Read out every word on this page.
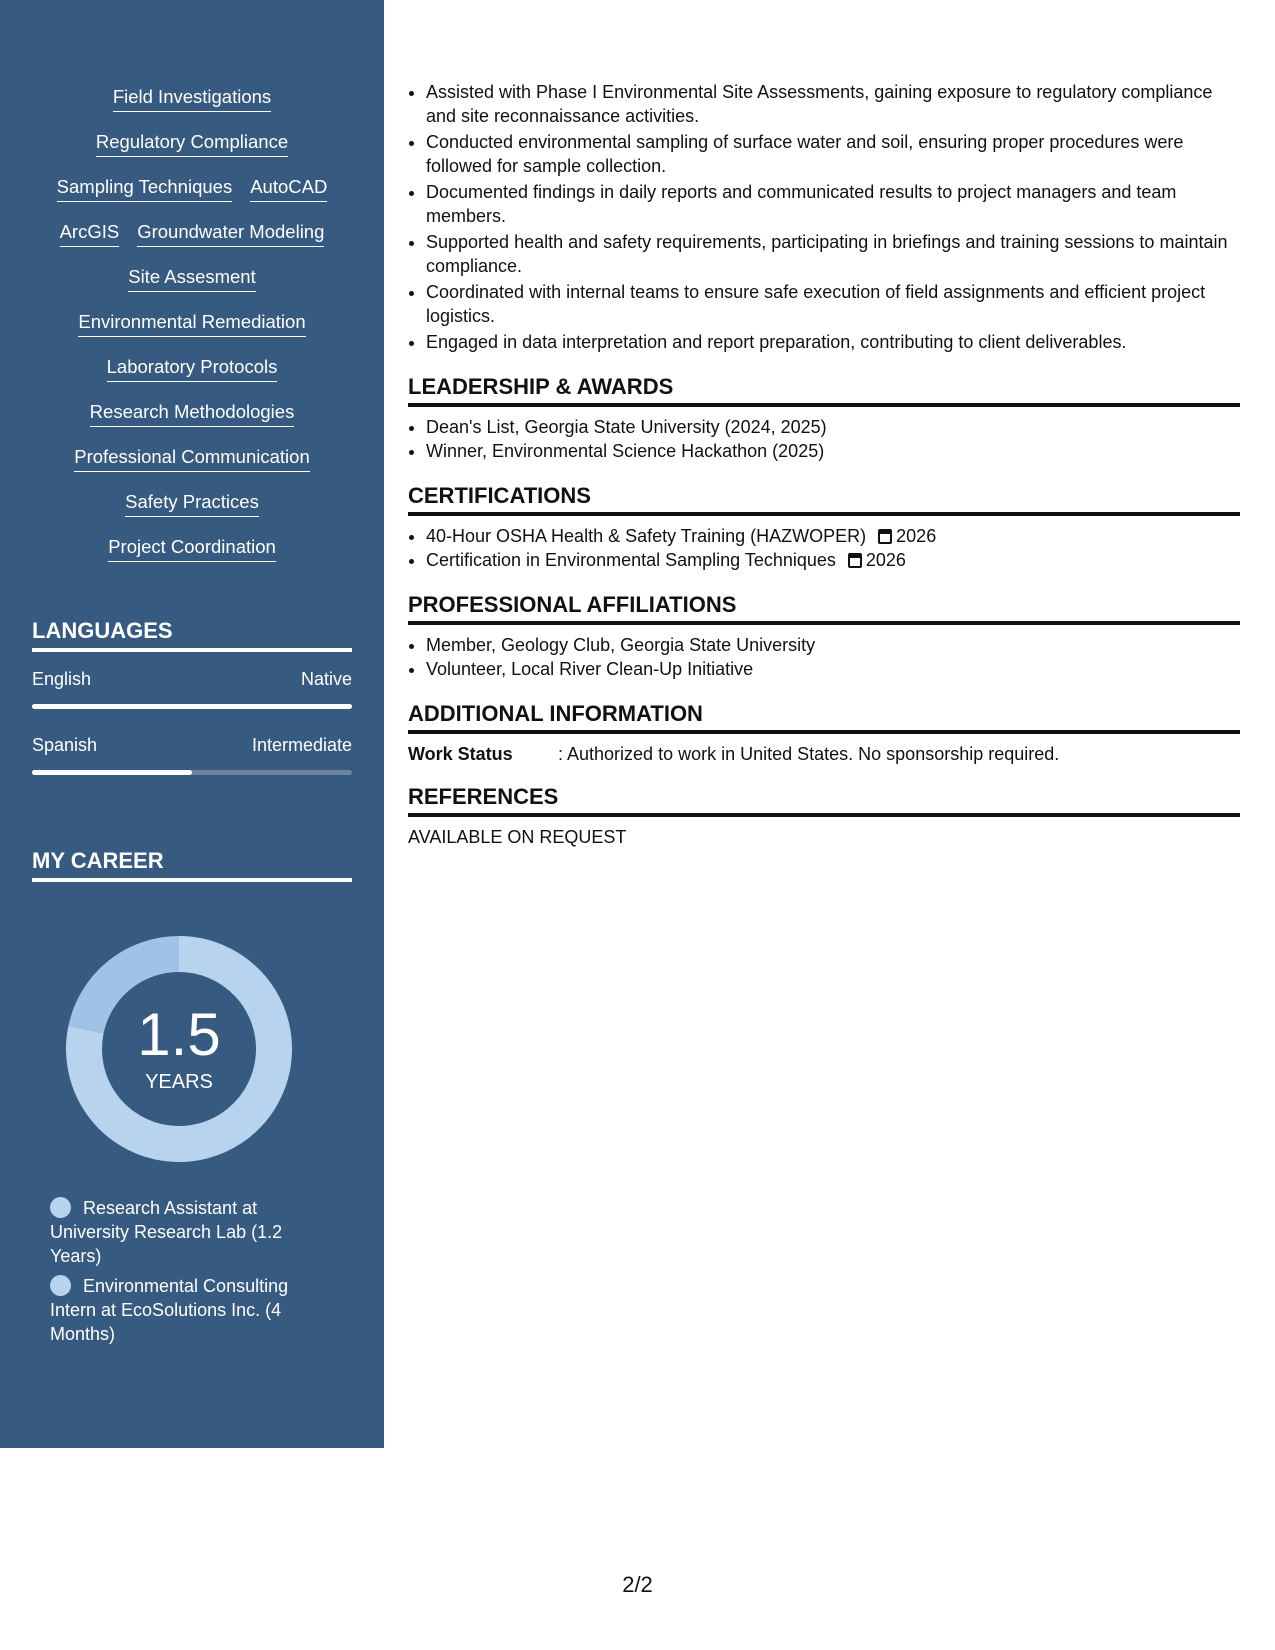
Field Investigations
Regulatory Compliance
Sampling Techniques AutoCAD
ArcGIS Groundwater Modeling
Site Assesment
Environmental Remediation
Laboratory Protocols
Research Methodologies
Professional Communication
Safety Practices
Project Coordination
LANGUAGES
English	Native
Spanish	Intermediate
MY CAREER
1.5
YEARS
Research Assistant at University Research Lab (1.2 Years)
Environmental Consulting Intern at EcoSolutions Inc. (4 Months)
• Assisted with Phase I Environmental Site Assessments, gaining exposure to regulatory compliance and site reconnaissance activities.
• Conducted environmental sampling of surface water and soil, ensuring proper procedures were followed for sample collection.
• Documented findings in daily reports and communicated results to project managers and team members.
• Supported health and safety requirements, participating in briefings and training sessions to maintain compliance.
• Coordinated with internal teams to ensure safe execution of field assignments and efficient project logistics.
• Engaged in data interpretation and report preparation, contributing to client deliverables.
LEADERSHIP & AWARDS
• Dean's List, Georgia State University (2024, 2025)
• Winner, Environmental Science Hackathon (2025)
CERTIFICATIONS
• 40-Hour OSHA Health & Safety Training (HAZWOPER) 2026
• Certification in Environmental Sampling Techniques 2026
PROFESSIONAL AFFILIATIONS
• Member, Geology Club, Georgia State University
• Volunteer, Local River Clean-Up Initiative
ADDITIONAL INFORMATION
Work Status	: Authorized to work in United States. No sponsorship required.
REFERENCES
AVAILABLE ON REQUEST
2/2
